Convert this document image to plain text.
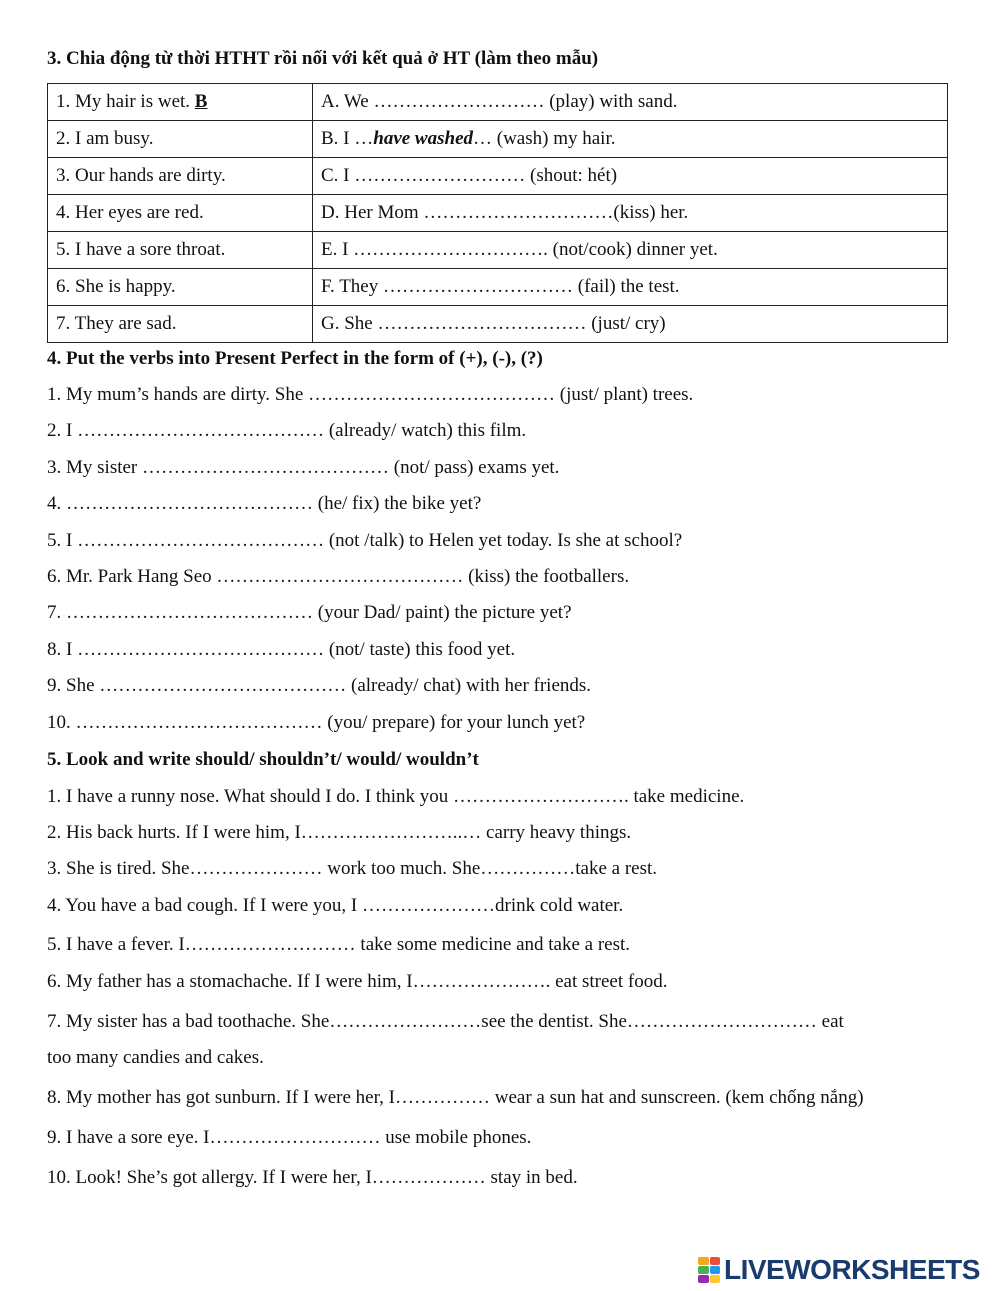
3. Chia động từ thời HTHT rồi nối với kết quả ở HT (làm theo mẫu)
1. My hair is wet. B	A. We ……………………… (play) with sand.
2. I am busy.	B. I …have washed… (wash) my hair.
3. Our hands are dirty.	C. I ……………………… (shout: hét)
4. Her eyes are red.	D. Her Mom …………………………(kiss) her.
5. I have a sore throat.	E. I …………………………. (not/cook) dinner yet.
6. She is happy.	F. They ………………………… (fail) the test.
7. They are sad.	G. She …………………………… (just/ cry)
4. Put the verbs into Present Perfect in the form of (+), (-), (?)
1. My mum’s hands are dirty. She ………………………………… (just/ plant) trees.
2. I ………………………………… (already/ watch) this film.
3. My sister ………………………………… (not/ pass) exams yet.
4. ………………………………… (he/ fix) the bike yet?
5. I ………………………………… (not /talk) to Helen yet today. Is she at school?
6. Mr. Park Hang Seo ………………………………… (kiss) the footballers.
7. ………………………………… (your Dad/ paint) the picture yet?
8. I ………………………………… (not/ taste) this food yet.
9. She ………………………………… (already/ chat) with her friends.
10. ………………………………… (you/ prepare) for your lunch yet?
5. Look and write should/ shouldn’t/ would/ wouldn’t
1. I have a runny nose. What should I do. I think you ………………………. take medicine.
2. His back hurts. If I were him, I……………………..… carry heavy things.
3. She is tired. She………………… work too much. She……………take a rest.
4. You have a bad cough. If I were you, I …………………drink cold water.
5. I have a fever. I……………………… take some medicine and take a rest.
6. My father has a stomachache. If I were him, I…………………. eat street food.
7. My sister has a bad toothache. She……………………see the dentist. She………………………… eat
too many candies and cakes.
8. My mother has got sunburn. If I were her, I…………… wear a sun hat and sunscreen. (kem chống nắng)
9. I have a sore eye. I……………………… use mobile phones.
10. Look! She’s got allergy. If I were her, I……………… stay in bed.
LIVEWORKSHEETS
